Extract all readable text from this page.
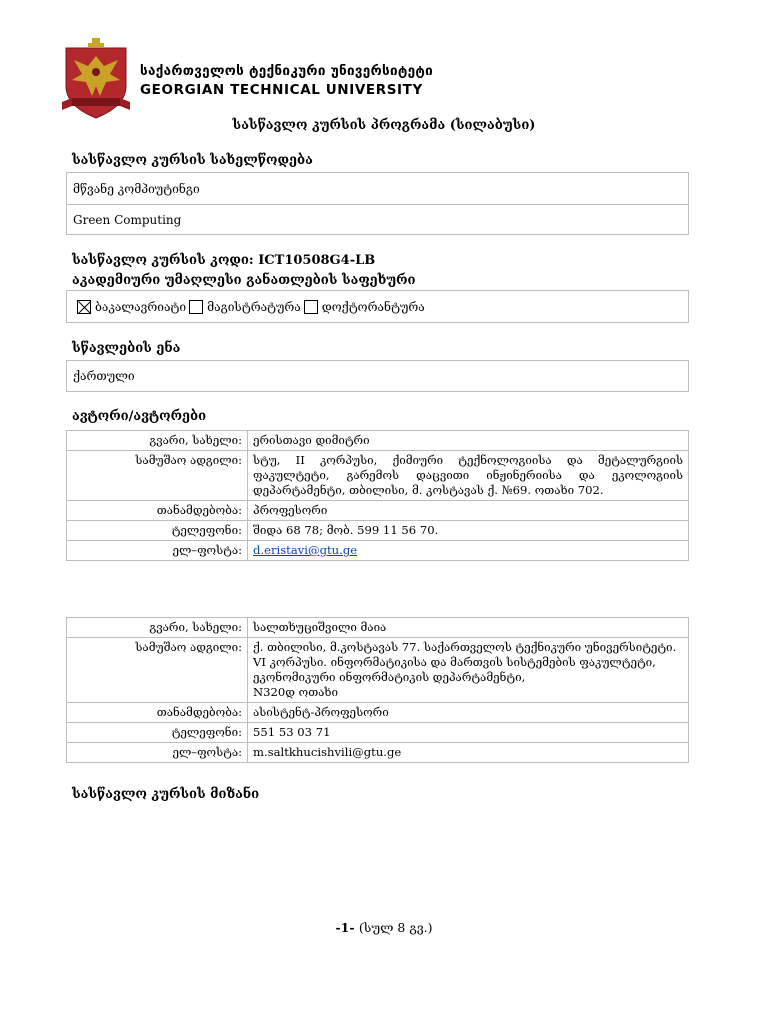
საქართველოს ტექნიკური უნივერსიტეტი
GEORGIAN TECHNICAL UNIVERSITY
სასწავლო კურსის პროგრამა (სილაბუსი)
სასწავლო კურსის სახელწოდება
მწვანე კომპიუტინგი
Green Computing
სასწავლო კურსის კოდი: ICT10508G4-LB
აკადემიური უმაღლესი განათლების საფეხური
ბაკალავრიატი მაგისტრატურა დოქტორანტურა
სწავლების ენა
ქართული
ავტორი/ავტორები
გვარი, სახელი:	ერისთავი დიმიტრი
სამუშაო ადგილი:	სტუ, II კორპუსი, ქიმიური ტექნოლოგიისა და მეტალურგიის ფაკულტეტი, გარემოს დაცვითი ინჟინერიისა და ეკოლოგიის დეპარტამენტი, თბილისი, მ. კოსტავას ქ. №69. ოთახი 702.
თანამდებობა:	პროფესორი
ტელეფონი:	შიდა 68 78; მობ. 599 11 56 70.
ელ–ფოსტა:	d.eristavi@gtu.ge
გვარი, სახელი:	სალთხუციშვილი მაია
სამუშაო ადგილი:	ქ. თბილისი, მ.კოსტავას 77. საქართველოს ტექნიკური უნივერსიტეტი.
VI კორპუსი. ინფორმატიკისა და მართვის სისტემების ფაკულტეტი,
ეკონომიკური ინფორმატიკის დეპარტამენტი,
N320დ ოთახი

თანამდებობა:	ასისტენტ-პროფესორი
ტელეფონი:	551 53 03 71
ელ–ფოსტა:	m.saltkhucishvili@gtu.ge
სასწავლო კურსის მიზანი
-1- (სულ 8 გვ.)
